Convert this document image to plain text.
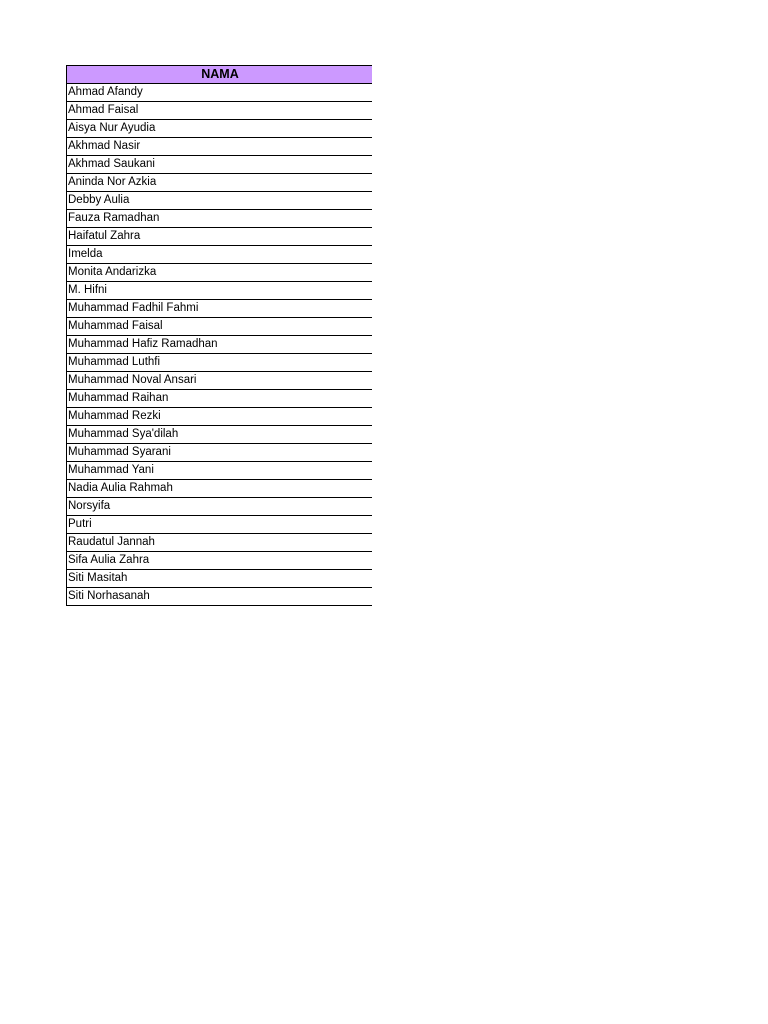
NAMA
Ahmad Afandy
Ahmad Faisal
Aisya Nur Ayudia
Akhmad Nasir
Akhmad Saukani
Aninda Nor Azkia
Debby Aulia
Fauza Ramadhan
Haifatul Zahra
Imelda
Monita Andarizka
M. Hifni
Muhammad Fadhil Fahmi
Muhammad Faisal
Muhammad Hafiz Ramadhan
Muhammad Luthfi
Muhammad Noval Ansari
Muhammad Raihan
Muhammad Rezki
Muhammad Sya'dilah
Muhammad Syarani
Muhammad Yani
Nadia Aulia Rahmah
Norsyifa
Putri
Raudatul Jannah
Sifa Aulia Zahra
Siti Masitah
Siti Norhasanah
